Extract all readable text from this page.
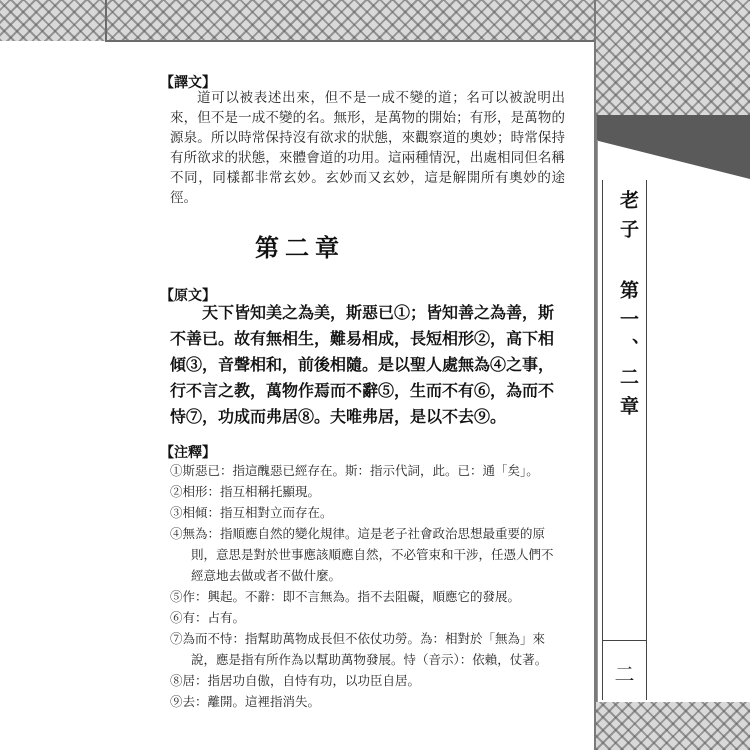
老子 第一、二章
二
【譯文】

道可以被表述出來，但不是一成不變的道；名可以被說明出來，但不是一成不變的名。無形，是萬物的開始；有形，是萬物的源泉。所以時常保持沒有欲求的狀態，來觀察道的奧妙；時常保持有所欲求的狀態，來體會道的功用。這兩種情況，出處相同但名稱不同，同樣都非常玄妙。玄妙而又玄妙，這是解開所有奧妙的途徑。

第二章
【原文】

天下皆知美之為美，斯惡已①；皆知善之為善，斯不善已。故有無相生，難易相成，長短相形②，高下相傾③，音聲相和，前後相隨。是以聖人處無為④之事，行不言之教，萬物作焉而不辭⑤，生而不有⑥，為而不恃⑦，功成而弗居⑧。夫唯弗居，是以不去⑨。

【注釋】
①斯惡已：指這醜惡已經存在。斯：指示代詞，此。已：通「矣」。
②相形：指互相稱托顯現。
③相傾：指互相對立而存在。
④無為：指順應自然的變化規律。這是老子社會政治思想最重要的原則，意思是對於世事應該順應自然，不必管束和干涉，任憑人們不經意地去做或者不做什麼。
⑤作：興起。不辭：即不言無為。指不去阻礙，順應它的發展。
⑥有：占有。
⑦為而不恃：指幫助萬物成長但不依仗功勞。為：相對於「無為」來說，應是指有所作為以幫助萬物發展。恃（音示）：依賴，仗著。
⑧居：指居功自傲，自恃有功，以功臣自居。
⑨去：離開。這裡指消失。
